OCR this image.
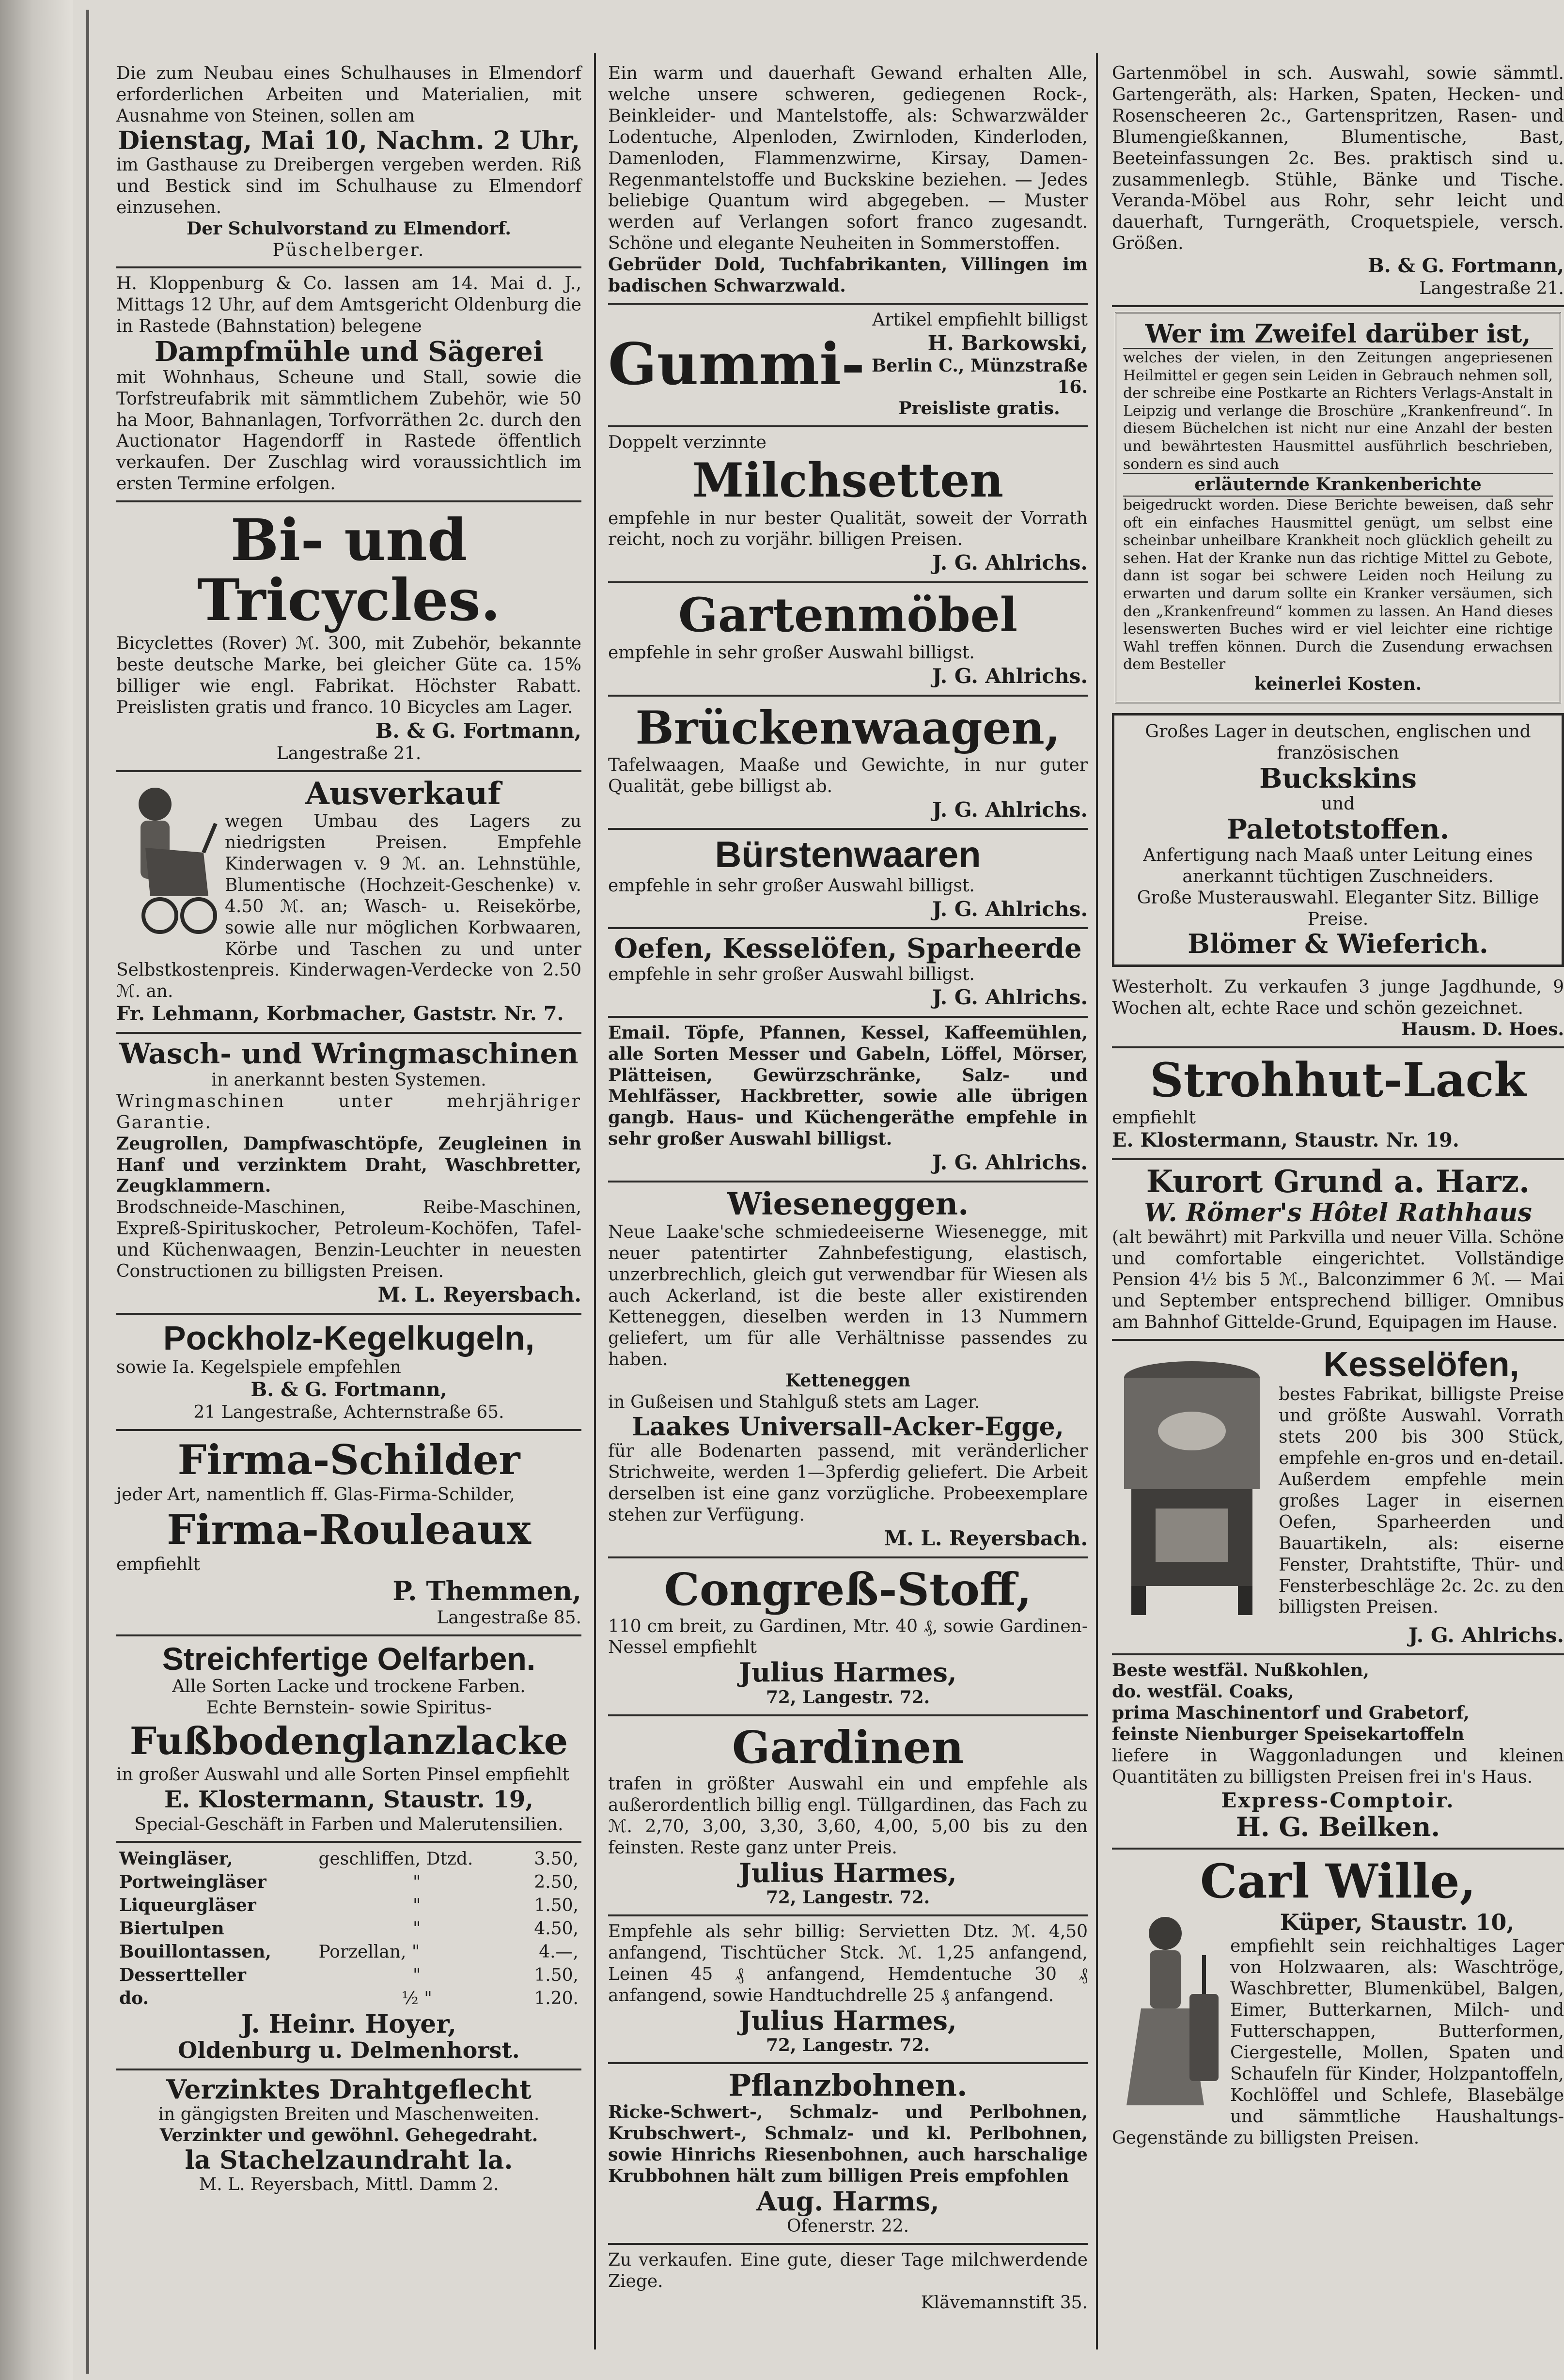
Die zum Neubau eines Schulhauses in Elmendorf erforderlichen Arbeiten und Materialien, mit Ausnahme von Steinen, sollen am

Dienstag, Mai 10, Nachm. 2 Uhr,

im Gasthause zu Dreibergen vergeben werden. Riß und Bestick sind im Schulhause zu Elmendorf einzusehen.

Der Schulvorstand zu Elmendorf.

Püschelberger.

H. Kloppenburg & Co. lassen am 14. Mai d. J., Mittags 12 Uhr, auf dem Amtsgericht Oldenburg die in Rastede (Bahnstation) belegene

Dampfmühle und Sägerei

mit Wohnhaus, Scheune und Stall, sowie die Torfstreufabrik mit sämmtlichem Zubehör, wie 50 ha Moor, Bahnanlagen, Torfvorräthen 2c. durch den Auctionator Hagendorff in Rastede öffentlich verkaufen. Der Zuschlag wird voraussichtlich im ersten Termine erfolgen.

Bi- und Tricycles.

Bicyclettes (Rover) ℳ. 300, mit Zubehör, bekannte beste deutsche Marke, bei gleicher Güte ca. 15% billiger wie engl. Fabrikat. Höchster Rabatt. Preislisten gratis und franco. 10 Bicycles am Lager.

B. & G. Fortmann,

Langestraße 21.

Ausverkauf

wegen Umbau des Lagers zu niedrigsten Preisen. Empfehle Kinderwagen v. 9 ℳ. an. Lehnstühle, Blumentische (Hochzeit-Geschenke) v. 4.50 ℳ. an; Wasch- u. Reisekörbe, sowie alle nur möglichen Korbwaaren, Körbe und Taschen zu und unter Selbstkostenpreis. Kinderwagen-Verdecke von 2.50 ℳ. an.

Fr. Lehmann, Korbmacher, Gaststr. Nr. 7.

Wasch- und Wringmaschinen

in anerkannt besten Systemen.

Wringmaschinen unter mehrjähriger Garantie.

Zeugrollen, Dampfwaschtöpfe, Zeugleinen in Hanf und verzinktem Draht, Waschbretter, Zeugklammern.

Brodschneide-Maschinen, Reibe-Maschinen, Expreß-Spirituskocher, Petroleum-Kochöfen, Tafel- und Küchenwaagen, Benzin-Leuchter in neuesten Constructionen zu billigsten Preisen.

M. L. Reyersbach.

Pockholz-Kegelkugeln,

sowie Ia. Kegelspiele empfehlen

B. & G. Fortmann,

21 Langestraße, Achternstraße 65.

Firma-Schilder

jeder Art, namentlich ff. Glas-Firma-Schilder,

Firma-Rouleaux

empfiehlt

P. Themmen,

Langestraße 85.

Streichfertige Oelfarben.

Alle Sorten Lacke und trockene Farben.

Echte Bernstein- sowie Spiritus-

Fußbodenglanzlacke

in großer Auswahl und alle Sorten Pinsel empfiehlt

E. Klostermann, Staustr. 19,

Special-Geschäft in Farben und Malerutensilien.

Weingläser,	geschliffen, Dtzd.	3.50,
Portweingläser	"	2.50,
Liqueurgläser	"	1.50,
Biertulpen	"	4.50,
Bouillontassen,	Porzellan, "	4.—,
Dessertteller	"	1.50,
do.	½ "	1.20.

J. Heinr. Hoyer,

Oldenburg u. Delmenhorst.

Verzinktes Drahtgeflecht

in gängigsten Breiten und Maschenweiten.

Verzinkter und gewöhnl. Gehegedraht.

la Stachelzaundraht la.

M. L. Reyersbach, Mittl. Damm 2.

Ein warm und dauerhaft Gewand erhalten Alle, welche unsere schweren, gediegenen Rock-, Beinkleider- und Mantelstoffe, als: Schwarzwälder Lodentuche, Alpenloden, Zwirnloden, Kinderloden, Damenloden, Flammenzwirne, Kirsay, Damen-Regenmantelstoffe und Buckskine beziehen. — Jedes beliebige Quantum wird abgegeben. — Muster werden auf Verlangen sofort franco zugesandt. Schöne und elegante Neuheiten in Sommerstoffen.

Gebrüder Dold, Tuchfabrikanten, Villingen im badischen Schwarzwald.

Gummi-

Artikel empfiehlt billigst

H. Barkowski,

Berlin C., Münzstraße 16.

Preisliste gratis.

Doppelt verzinnte

Milchsetten

empfehle in nur bester Qualität, soweit der Vorrath reicht, noch zu vorjähr. billigen Preisen.

J. G. Ahlrichs.

Gartenmöbel

empfehle in sehr großer Auswahl billigst.

J. G. Ahlrichs.

Brückenwaagen,

Tafelwaagen, Maaße und Gewichte, in nur guter Qualität, gebe billigst ab.

J. G. Ahlrichs.

Bürstenwaaren

empfehle in sehr großer Auswahl billigst.

J. G. Ahlrichs.

Oefen, Kesselöfen, Sparheerde

empfehle in sehr großer Auswahl billigst.

J. G. Ahlrichs.

Email. Töpfe, Pfannen, Kessel, Kaffeemühlen, alle Sorten Messer und Gabeln, Löffel, Mörser, Plätteisen, Gewürzschränke, Salz- und Mehlfässer, Hackbretter, sowie alle übrigen gangb. Haus- und Küchengeräthe empfehle in sehr großer Auswahl billigst.

J. G. Ahlrichs.

Wieseneggen.

Neue Laake'sche schmiedeeiserne Wiesenegge, mit neuer patentirter Zahnbefestigung, elastisch, unzerbrechlich, gleich gut verwendbar für Wiesen als auch Ackerland, ist die beste aller existirenden Ketteneggen, dieselben werden in 13 Nummern geliefert, um für alle Verhältnisse passendes zu haben.

Ketteneggen

in Gußeisen und Stahlguß stets am Lager.

Laakes Universall-Acker-Egge,

für alle Bodenarten passend, mit veränderlicher Strichweite, werden 1—3pferdig geliefert. Die Arbeit derselben ist eine ganz vorzügliche. Probeexemplare stehen zur Verfügung.

M. L. Reyersbach.

Congreß-Stoff,

110 cm breit, zu Gardinen, Mtr. 40 ₰, sowie Gardinen-Nessel empfiehlt

Julius Harmes,

72, Langestr. 72.

Gardinen

trafen in größter Auswahl ein und empfehle als außerordentlich billig engl. Tüllgardinen, das Fach zu ℳ. 2,70, 3,00, 3,30, 3,60, 4,00, 5,00 bis zu den feinsten. Reste ganz unter Preis.

Julius Harmes,

72, Langestr. 72.

Empfehle als sehr billig: Servietten Dtz. ℳ. 4,50 anfangend, Tischtücher Stck. ℳ. 1,25 anfangend, Leinen 45 ₰ anfangend, Hemdentuche 30 ₰ anfangend, sowie Handtuchdrelle 25 ₰ anfangend.

Julius Harmes,

72, Langestr. 72.

Pflanzbohnen.

Ricke-Schwert-, Schmalz- und Perlbohnen, Krubschwert-, Schmalz- und kl. Perlbohnen, sowie Hinrichs Riesenbohnen, auch harschalige Krubbohnen hält zum billigen Preis empfohlen

Aug. Harms,

Ofenerstr. 22.

Zu verkaufen. Eine gute, dieser Tage milchwerdende Ziege.

Klävemannstift 35.

Gartenmöbel in sch. Auswahl, sowie sämmtl. Gartengeräth, als: Harken, Spaten, Hecken- und Rosenscheeren 2c., Gartenspritzen, Rasen- und Blumengießkannen, Blumentische, Bast, Beeteinfassungen 2c. Bes. praktisch sind u. zusammenlegb. Stühle, Bänke und Tische. Veranda-Möbel aus Rohr, sehr leicht und dauerhaft, Turngeräth, Croquetspiele, versch. Größen.

B. & G. Fortmann,

Langestraße 21.

Wer im Zweifel darüber ist,

welches der vielen, in den Zeitungen angepriesenen Heilmittel er gegen sein Leiden in Gebrauch nehmen soll, der schreibe eine Postkarte an Richters Verlags-Anstalt in Leipzig und verlange die Broschüre „Krankenfreund“. In diesem Büchelchen ist nicht nur eine Anzahl der besten und bewährtesten Hausmittel ausführlich beschrieben, sondern es sind auch

erläuternde Krankenberichte

beigedruckt worden. Diese Berichte beweisen, daß sehr oft ein einfaches Hausmittel genügt, um selbst eine scheinbar unheilbare Krankheit noch glücklich geheilt zu sehen. Hat der Kranke nun das richtige Mittel zu Gebote, dann ist sogar bei schwere Leiden noch Heilung zu erwarten und darum sollte ein Kranker versäumen, sich den „Krankenfreund“ kommen zu lassen. An Hand dieses lesenswerten Buches wird er viel leichter eine richtige Wahl treffen können. Durch die Zusendung erwachsen dem Besteller

keinerlei Kosten.

Großes Lager in deutschen, englischen und französischen

Buckskins

und

Paletotstoffen.

Anfertigung nach Maaß unter Leitung eines anerkannt tüchtigen Zuschneiders.

Große Musterauswahl. Eleganter Sitz. Billige Preise.

Blömer & Wieferich.

Westerholt. Zu verkaufen 3 junge Jagdhunde, 9 Wochen alt, echte Race und schön gezeichnet.

Hausm. D. Hoes.

Strohhut-Lack

empfiehlt

E. Klostermann, Staustr. Nr. 19.

Kurort Grund a. Harz.

W. Römer's Hôtel Rathhaus

(alt bewährt) mit Parkvilla und neuer Villa. Schöne und comfortable eingerichtet. Vollständige Pension 4½ bis 5 ℳ., Balconzimmer 6 ℳ. — Mai und September entsprechend billiger. Omnibus am Bahnhof Gittelde-Grund, Equipagen im Hause.

Kesselöfen,

bestes Fabrikat, billigste Preise und größte Auswahl. Vorrath stets 200 bis 300 Stück, empfehle en-gros und en-detail. Außerdem empfehle mein großes Lager in eisernen Oefen, Sparheerden und Bauartikeln, als: eiserne Fenster, Drahtstifte, Thür- und Fensterbeschläge 2c. 2c. zu den billigsten Preisen.

J. G. Ahlrichs.

Beste westfäl. Nußkohlen,

do. westfäl. Coaks,

prima Maschinentorf und Grabetorf,

feinste Nienburger Speisekartoffeln

liefere in Waggonladungen und kleinen Quantitäten zu billigsten Preisen frei in's Haus.

Express-Comptoir.

H. G. Beilken.

Carl Wille,

Küper, Staustr. 10,

empfiehlt sein reichhaltiges Lager von Holzwaaren, als: Waschtröge, Waschbretter, Blumenkübel, Balgen, Eimer, Butterkarnen, Milch- und Futterschappen, Butterformen, Ciergestelle, Mollen, Spaten und Schaufeln für Kinder, Holzpantoffeln, Kochlöffel und Schlefe, Blasebälge und sämmtliche Haushaltungs-Gegenstände zu billigsten Preisen.
